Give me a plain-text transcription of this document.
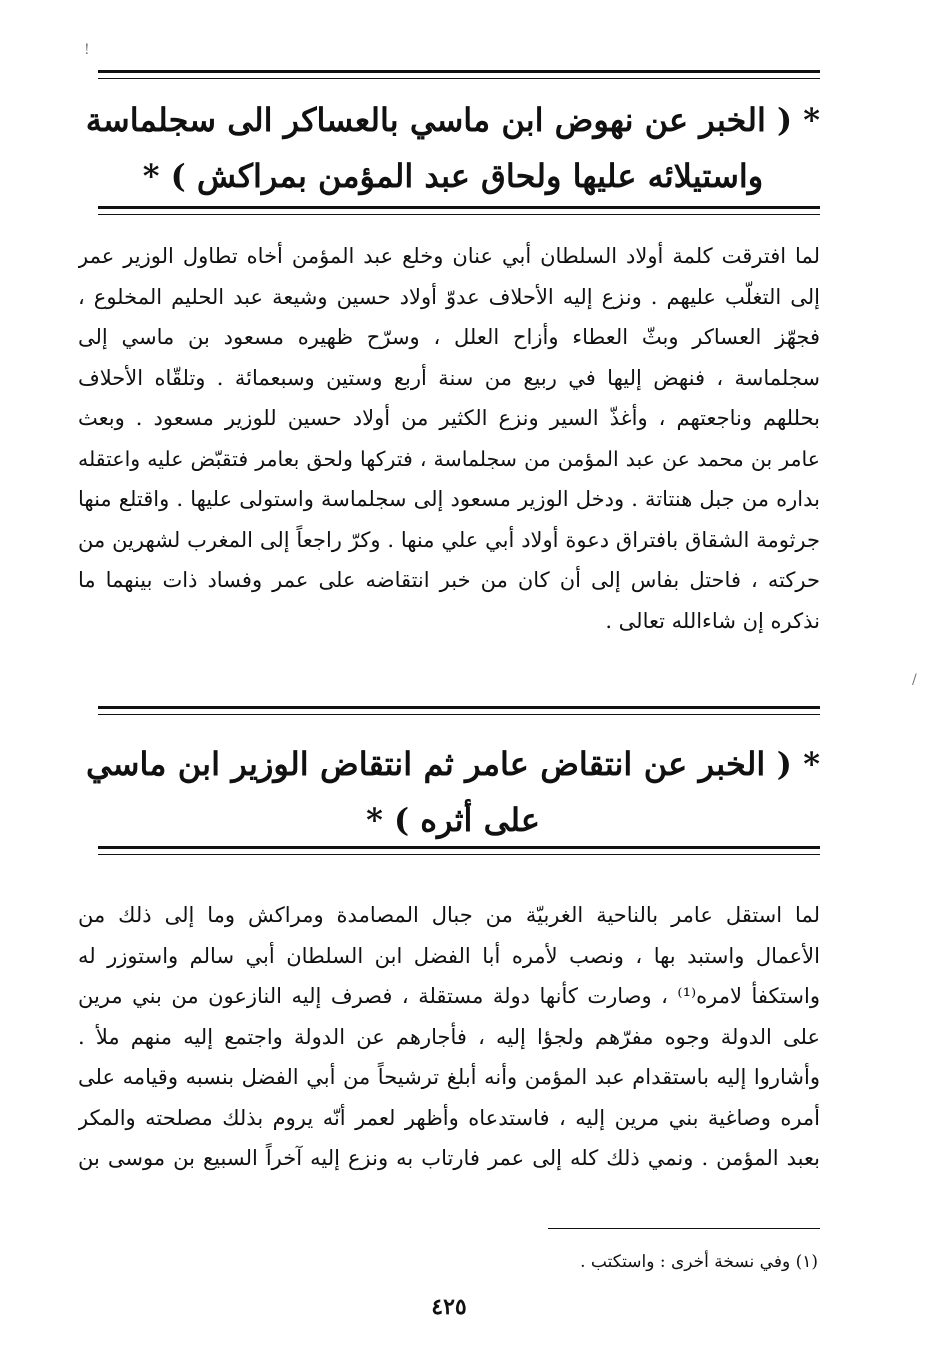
* ( الخبر عن نهوض ابن ماسي بالعساكر الى سجلماسة
واستيلائه عليها ولحاق عبد المؤمن بمراكش ) *
لما افترقت كلمة أولاد السلطان أبي عنان وخلع عبد المؤمن أخاه تطاول الوزير عمر
إلى التغلّب عليهم . ونزع إليه الأحلاف عدوّ أولاد حسين وشيعة عبد الحليم المخلوع ،
فجهّز العساكر وبثّ العطاء وأزاح العلل ، وسرّح ظهيره مسعود بن ماسي إلى
سجلماسة ، فنهض إليها في ربيع من سنة أربع وستين وسبعمائة . وتلقّاه الأحلاف
بحللهم وناجعتهم ، وأغذّ السير ونزع الكثير من أولاد حسين للوزير مسعود . وبعث
عامر بن محمد عن عبد المؤمن من سجلماسة ، فتركها ولحق بعامر فتقبّض عليه واعتقله
بداره من جبل هنتاتة . ودخل الوزير مسعود إلى سجلماسة واستولى عليها . واقتلع منها
جرثومة الشقاق بافتراق دعوة أولاد أبي علي منها . وكرّ راجعاً إلى المغرب لشهرين من
حركته ، فاحتل بفاس إلى أن كان من خبر انتقاضه على عمر وفساد ذات بينهما ما
نذكره إن شاءالله تعالى .
* ( الخبر عن انتقاض عامر ثم انتقاض الوزير ابن ماسي
على أثره ) *
لما استقل عامر بالناحية الغربيّة من جبال المصامدة ومراكش وما إلى ذلك من
الأعمال واستبد بها ، ونصب لأمره أبا الفضل ابن السلطان أبي سالم واستوزر له
واستكفأ لامره⁽¹⁾ ، وصارت كأنها دولة مستقلة ، فصرف إليه النازعون من بني مرين
على الدولة وجوه مفرّهم ولجؤا إليه ، فأجارهم عن الدولة واجتمع إليه منهم ملأ .
وأشاروا إليه باستقدام عبد المؤمن وأنه أبلغ ترشيحاً من أبي الفضل بنسبه وقيامه على
أمره وصاغية بني مرين إليه ، فاستدعاه وأظهر لعمر أنّه يروم بذلك مصلحته والمكر
بعبد المؤمن . ونمي ذلك كله إلى عمر فارتاب به ونزع إليه آخراً السبيع بن موسى بن
(١) وفي نسخة أخرى : واستكتب .
٤٢٥
!
/
